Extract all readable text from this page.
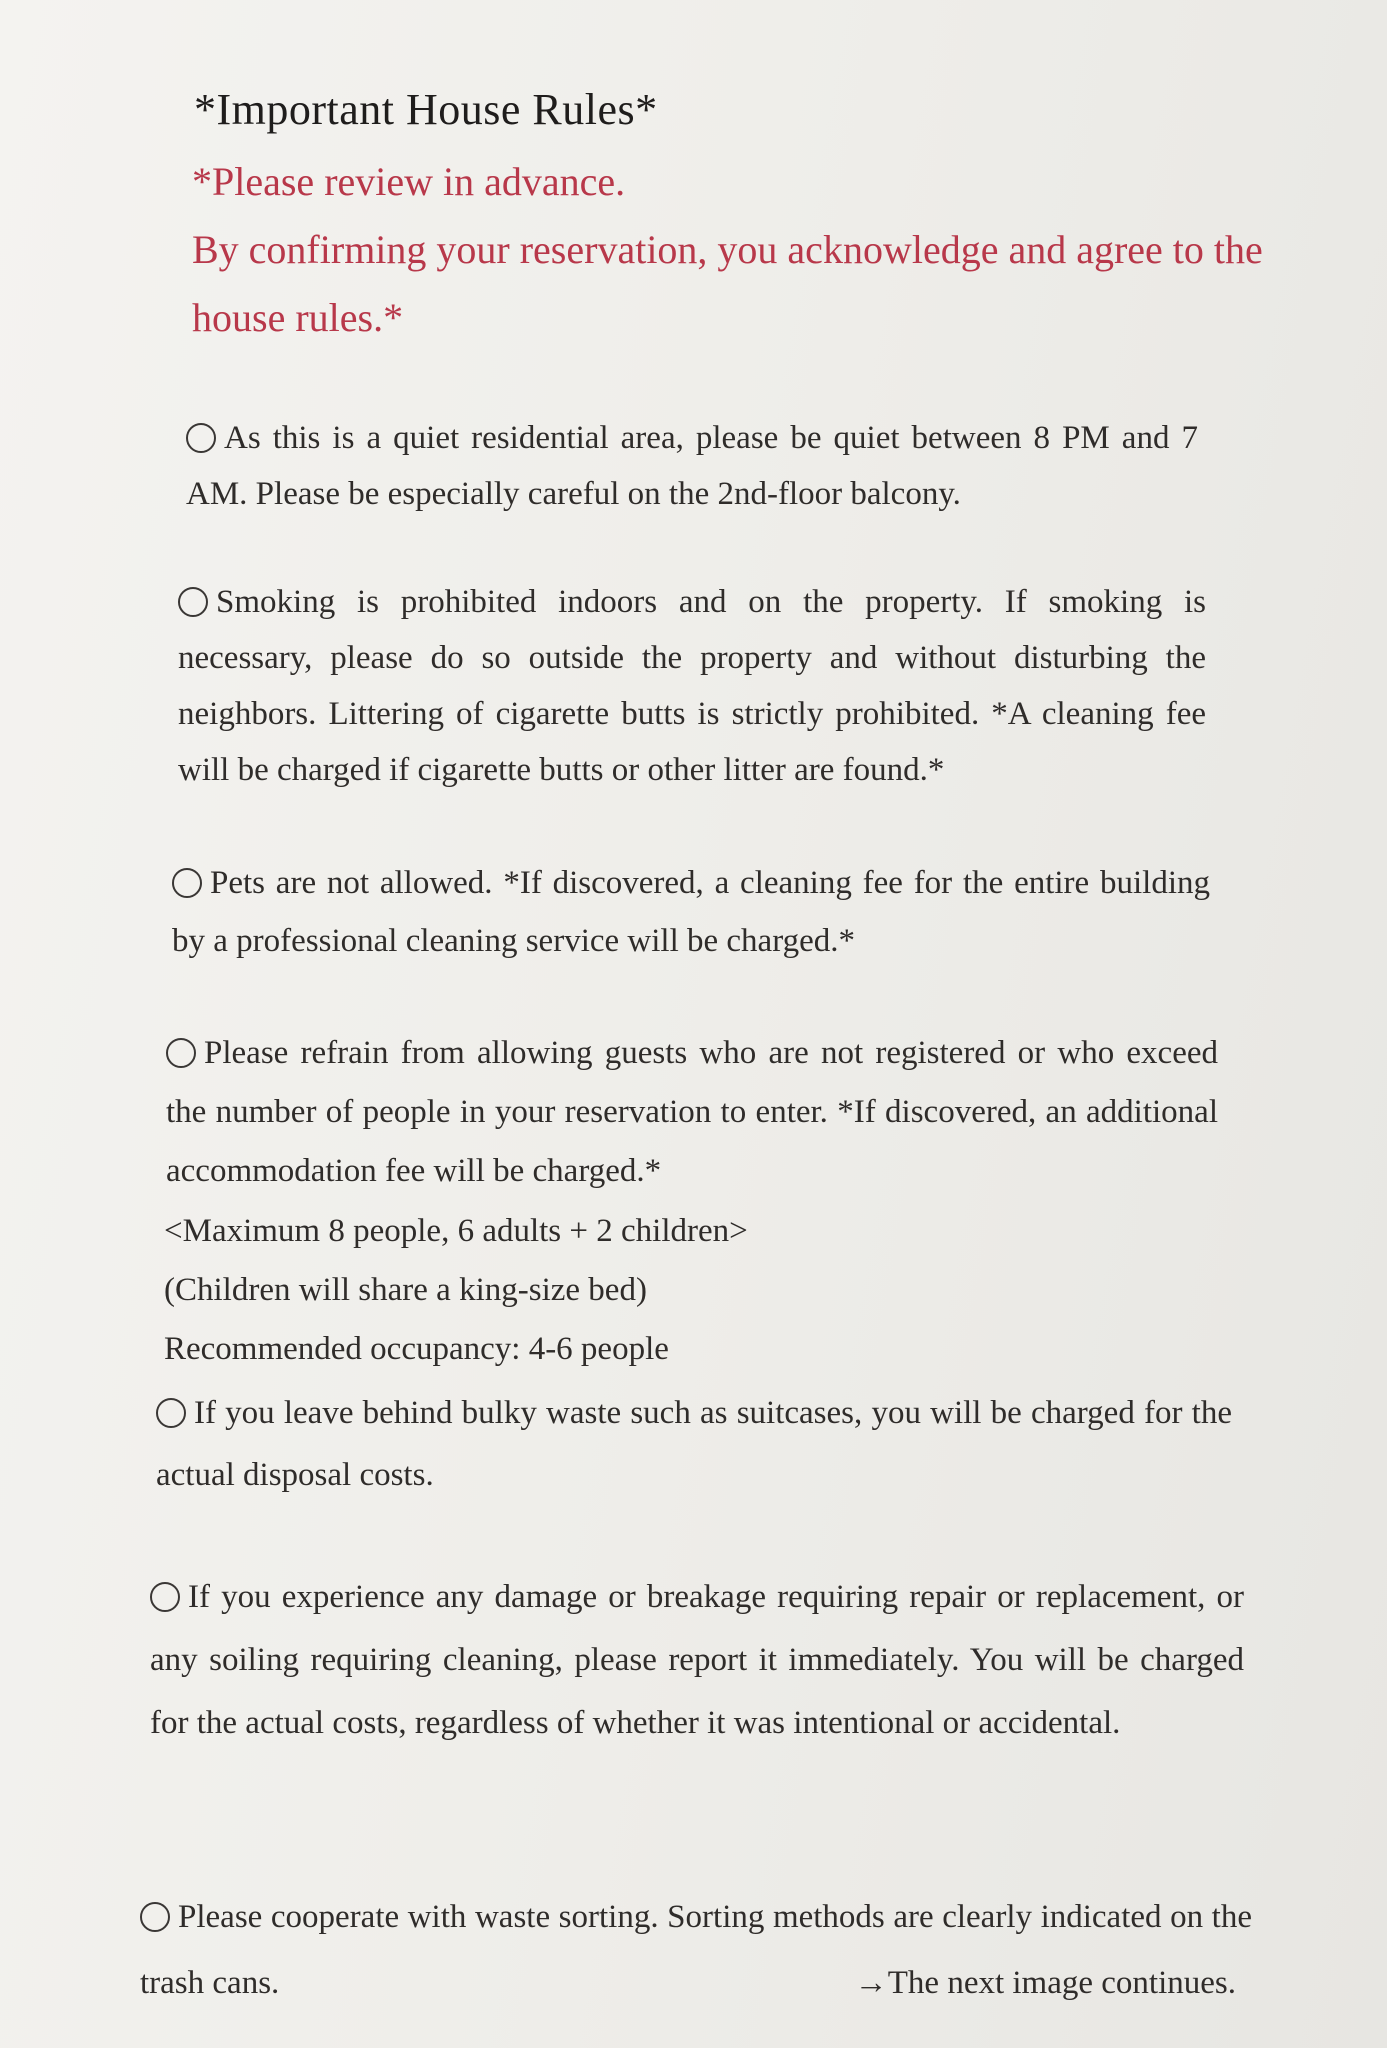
*Important House Rules*

*Please review in advance.
By confirming your reservation, you acknowledge and agree to the house rules.*

As this is a quiet residential area, please be quiet between 8 PM and 7 AM. Please be especially careful on the 2nd-floor balcony.

Smoking is prohibited indoors and on the property. If smoking is necessary, please do so outside the property and without disturbing the neighbors. Littering of cigarette butts is strictly prohibited. *A cleaning fee will be charged if cigarette butts or other litter are found.*

Pets are not allowed. *If discovered, a cleaning fee for the entire building by a professional cleaning service will be charged.*

Please refrain from allowing guests who are not registered or who exceed the number of people in your reservation to enter. *If discovered, an additional accommodation fee will be charged.*

<Maximum 8 people, 6 adults + 2 children>
(Children will share a king-size bed)
Recommended occupancy: 4-6 people

If you leave behind bulky waste such as suitcases, you will be charged for the actual disposal costs.

If you experience any damage or breakage requiring repair or replacement, or any soiling requiring cleaning, please report it immediately. You will be charged for the actual costs, regardless of whether it was intentional or accidental.

Please cooperate with waste sorting. Sorting methods are clearly indicated on the trash cans.	→The next image continues.
